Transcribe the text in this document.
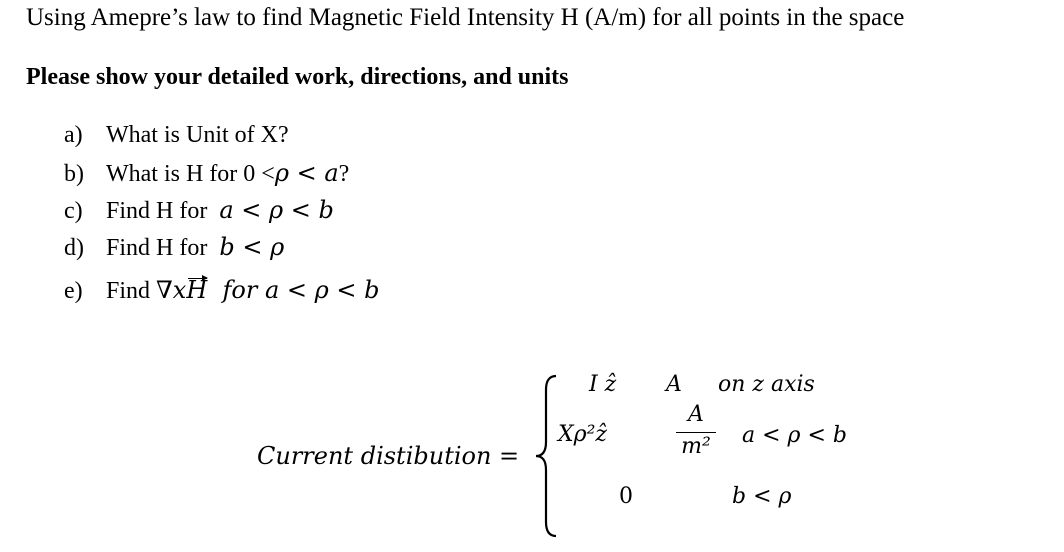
Using Amepre’s law to find Magnetic Field Intensity H (A/m) for all points in the space
Please show your detailed work, directions, and units
a) What is Unit of X?
b) What is H for 0 < ρ < a ?
c) Find H for a < ρ < b
d) Find H for b < ρ
e) Find ∇x H for a < ρ < b
Current distibution =
I ẑ A on z axis
Xρ²ẑ
A
m²	a < ρ < b
0	b < ρ
